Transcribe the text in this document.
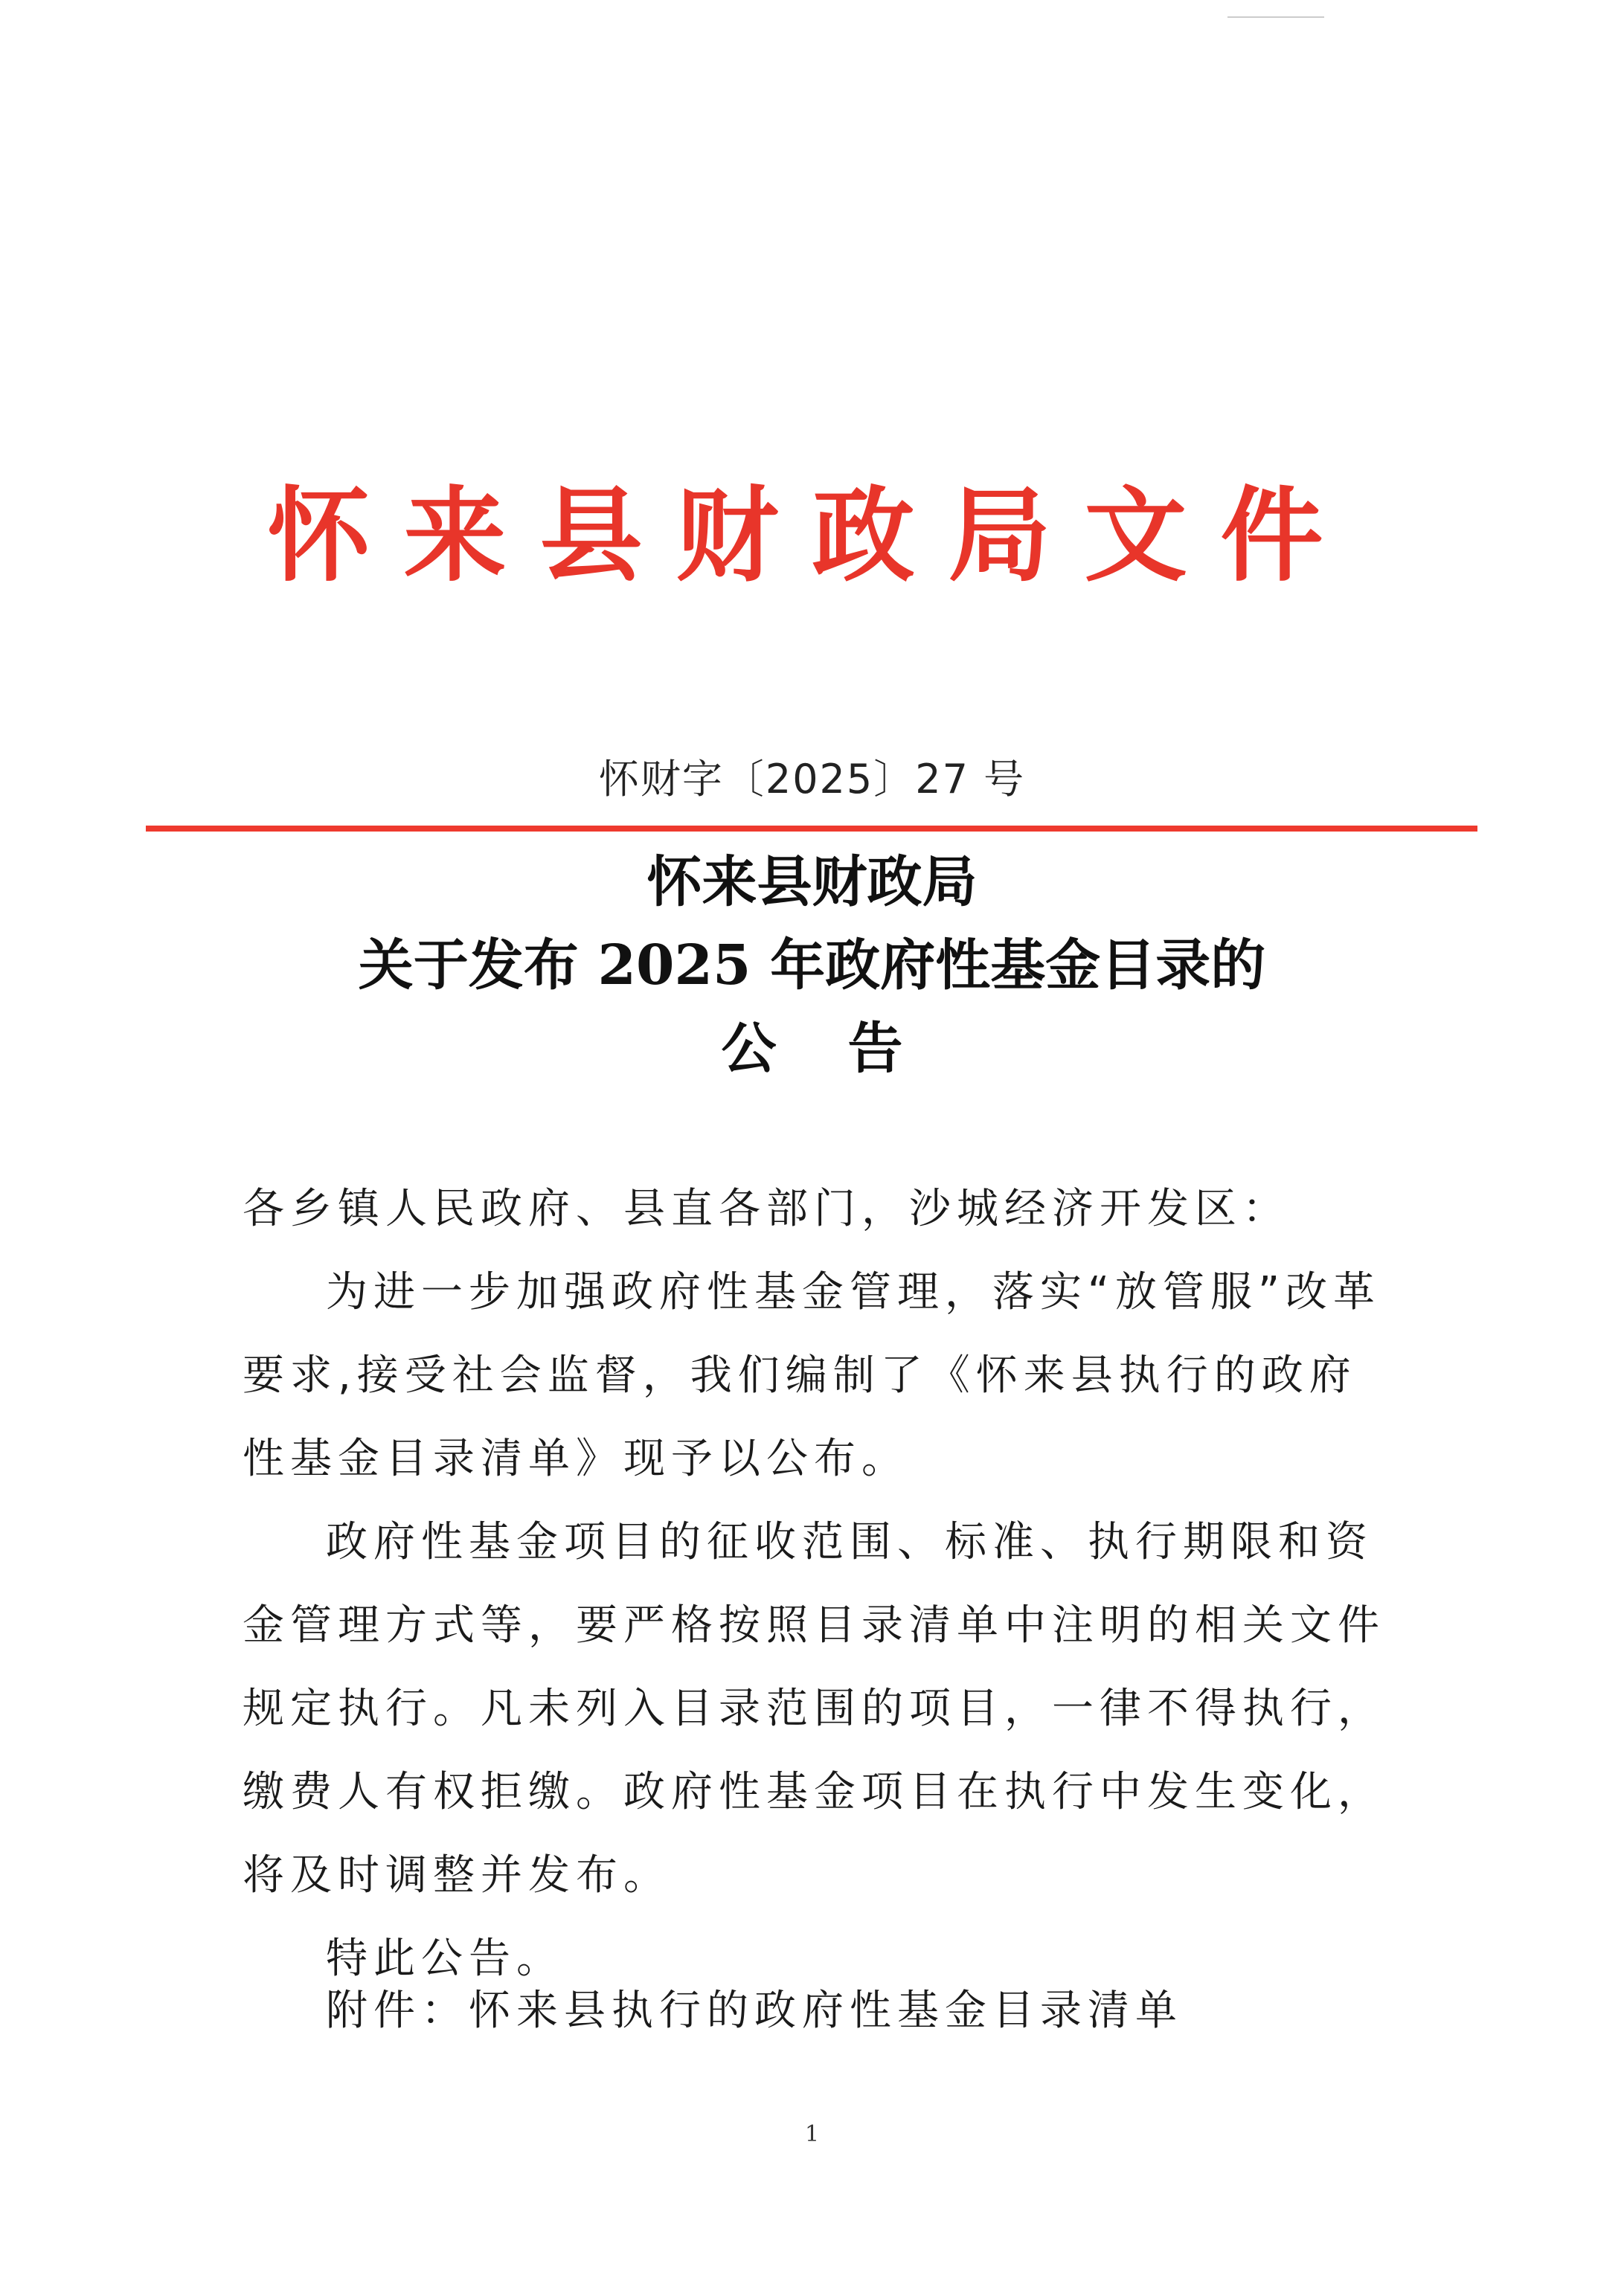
怀来县财政局文件
怀财字〔2025〕27 号
怀来县财政局
关于发布 2025 年政府性基金目录的
公告
各乡镇人民政府、县直各部门，沙城经济开发区：

为进一步加强政府性基金管理，落实“放管服”改革要求,接受社会监督，我们编制了《怀来县执行的政府性基金目录清单》现予以公布。

政府性基金项目的征收范围、标准、执行期限和资金管理方式等，要严格按照目录清单中注明的相关文件规定执行。凡未列入目录范围的项目，一律不得执行，缴费人有权拒缴。政府性基金项目在执行中发生变化，将及时调整并发布。

特此公告。

附件：怀来县执行的政府性基金目录清单
1
